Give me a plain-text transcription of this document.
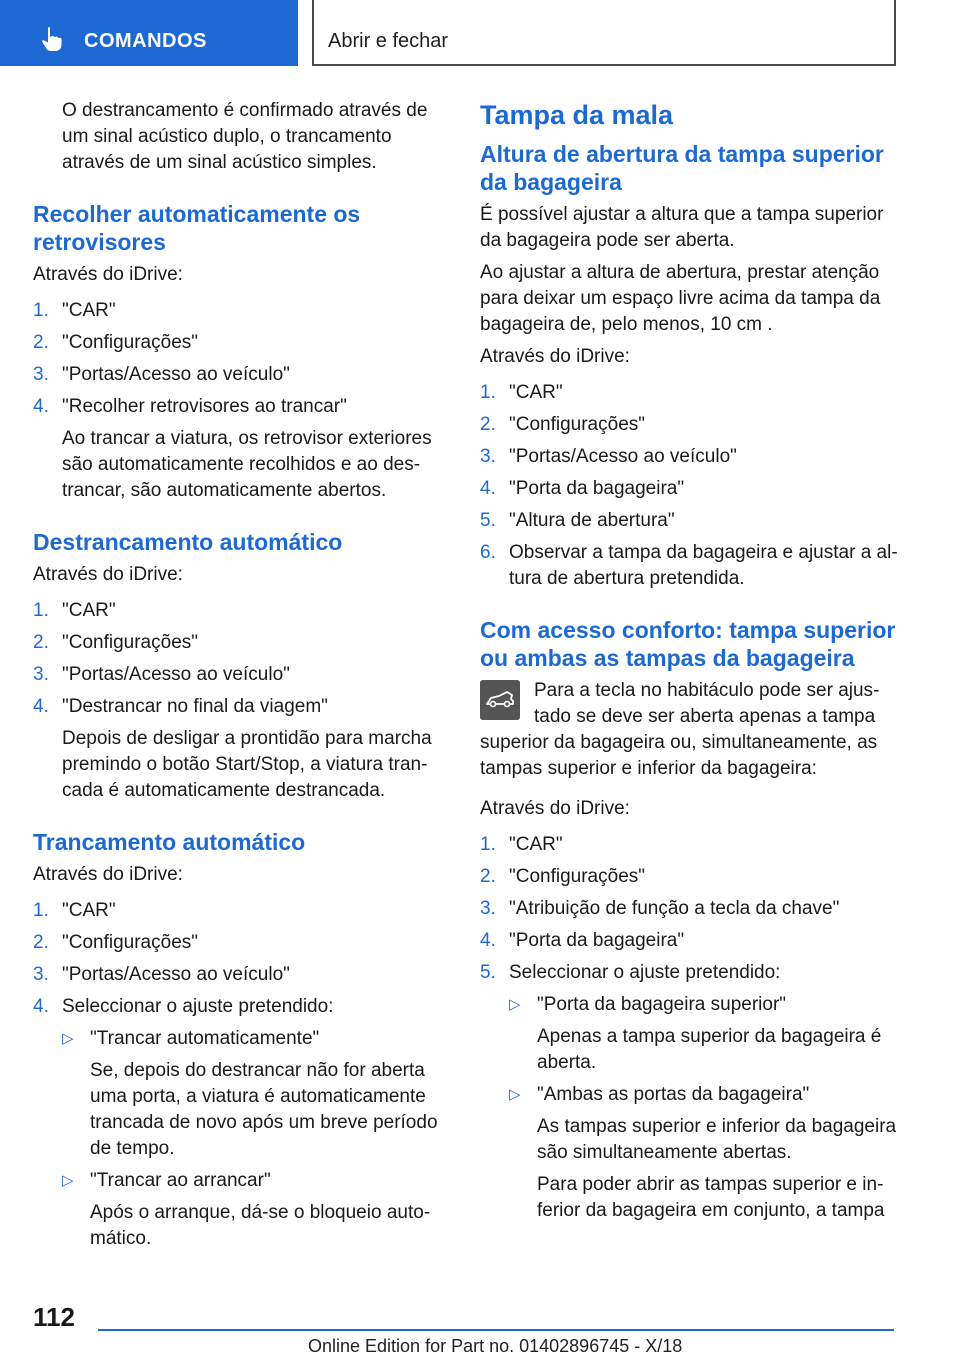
COMANDOS	Abrir e fechar

O destrancamento é confirmado através de um sinal acústico duplo, o trancamento através de um sinal acústico simples.

Recolher automaticamente os retrovisores

Através do iDrive:

1. "CAR"
2. "Configurações"
3. "Portas/Acesso ao veículo"
4. "Recolher retrovisores ao trancar"
Ao trancar a viatura, os retrovisor exteriores são automaticamente recolhidos e ao destrancar, são automaticamente abertos.
Destrancamento automático

Através do iDrive:

1. "CAR"
2. "Configurações"
3. "Portas/Acesso ao veículo"
4. "Destrancar no final da viagem"
Depois de desligar a prontidão para marcha premindo o botão Start/Stop, a viatura trancada é automaticamente destrancada.
Trancamento automático

Através do iDrive:

1. "CAR"
2. "Configurações"
3. "Portas/Acesso ao veículo"
4. Seleccionar o ajuste pretendido:
▷ "Trancar automaticamente"
Se, depois do destrancar não for aberta uma porta, a viatura é automaticamente trancada de novo após um breve período de tempo.
▷ "Trancar ao arrancar"
Após o arranque, dá-se o bloqueio automático.
Tampa da mala
Altura de abertura da tampa superior da bagageira

É possível ajustar a altura que a tampa superior da bagageira pode ser aberta.

Ao ajustar a altura de abertura, prestar atenção para deixar um espaço livre acima da tampa da bagageira de, pelo menos, 10 cm .

Através do iDrive:

1. "CAR"
2. "Configurações"
3. "Portas/Acesso ao veículo"
4. "Porta da bagageira"
5. "Altura de abertura"
6. Observar a tampa da bagageira e ajustar a altura de abertura pretendida.
Com acesso conforto: tampa superior ou ambas as tampas da bagageira

Para a tecla no habitáculo pode ser ajustado se deve ser aberta apenas a tampa superior da bagageira ou, simultaneamente, as tampas superior e inferior da bagageira:

Através do iDrive:

1. "CAR"
2. "Configurações"
3. "Atribuição de função a tecla da chave"
4. "Porta da bagageira"
5. Seleccionar o ajuste pretendido:
▷ "Porta da bagageira superior"
Apenas a tampa superior da bagageira é aberta.
▷ "Ambas as portas da bagageira"
As tampas superior e inferior da bagageira são simultaneamente abertas.
Para poder abrir as tampas superior e inferior da bagageira em conjunto, a tampa
112
Online Edition for Part no. 01402896745 - X/18
